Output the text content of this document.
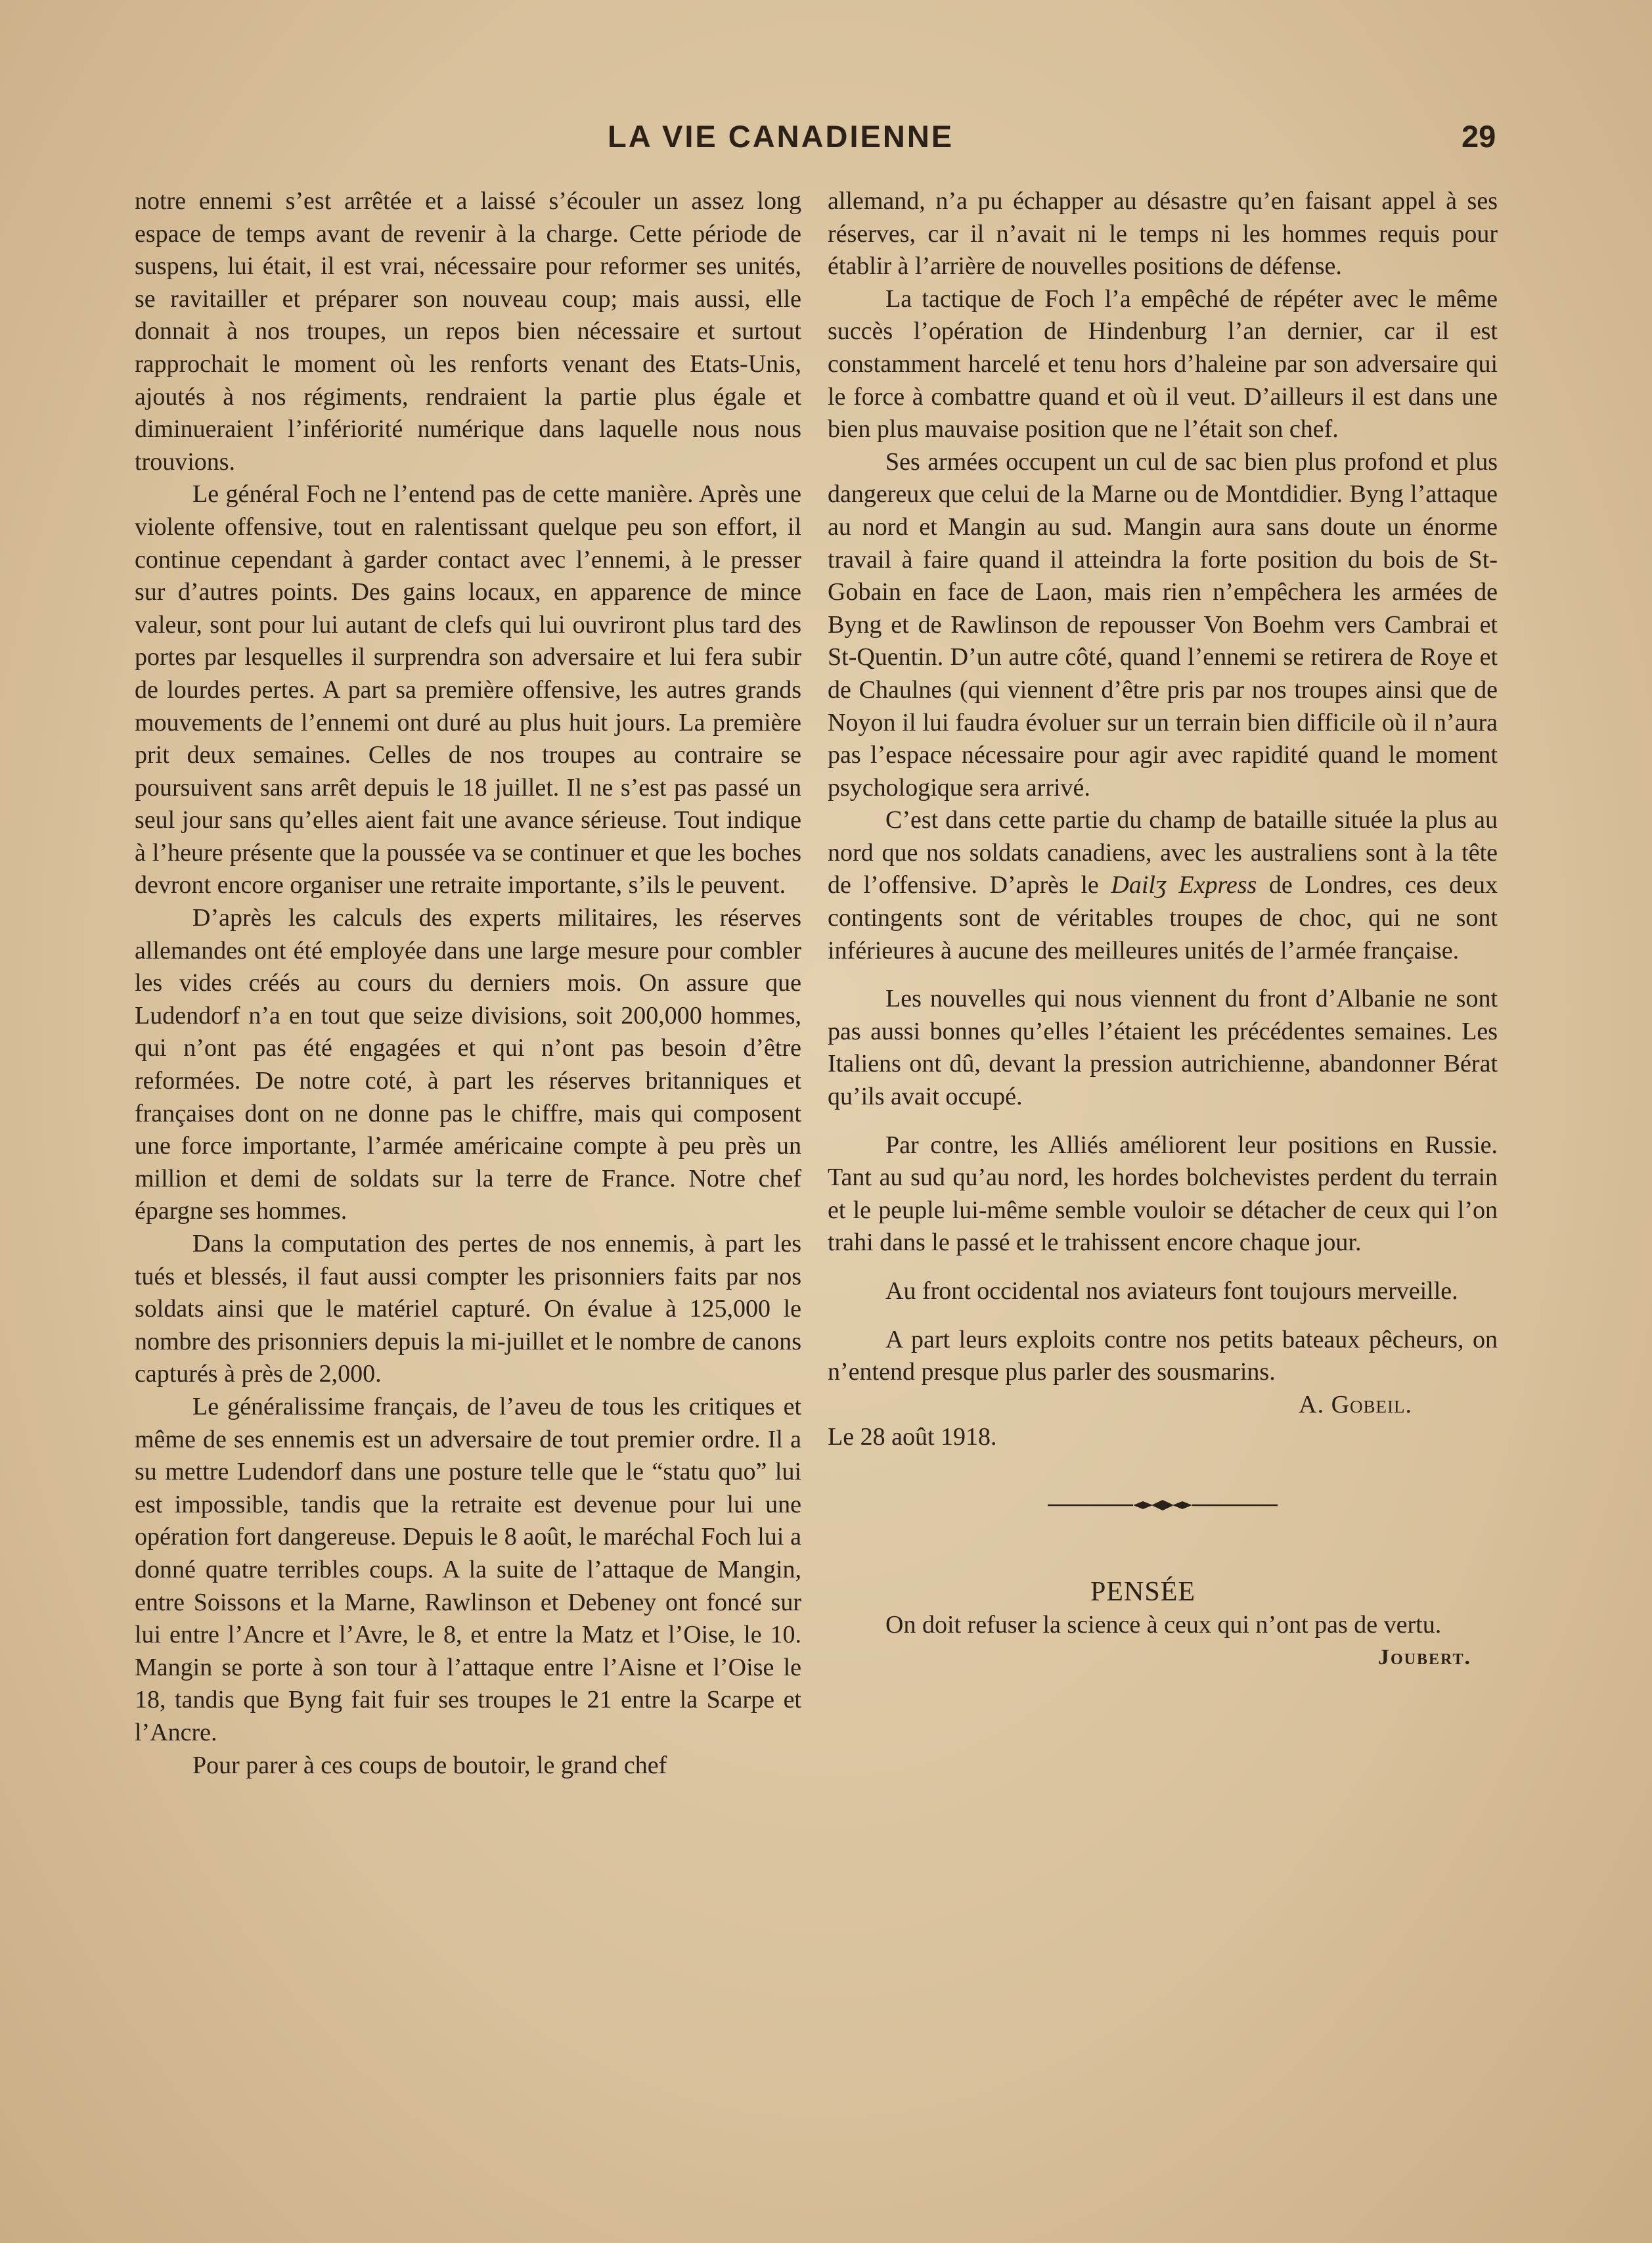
LA VIE CANADIENNE	29

notre ennemi s’est arrêtée et a laissé s’écouler un assez long espace de temps avant de revenir à la charge. Cette période de suspens, lui était, il est vrai, nécessaire pour reformer ses unités, se ravitailler et préparer son nouveau coup; mais aussi, elle donnait à nos troupes, un repos bien nécessaire et surtout rapprochait le moment où les renforts venant des Etats-Unis, ajoutés à nos régiments, rendraient la partie plus égale et diminueraient l’infériorité numérique dans laquelle nous nous trouvions.

Le général Foch ne l’entend pas de cette manière. Après une violente offensive, tout en ralentissant quelque peu son effort, il continue cependant à garder contact avec l’ennemi, à le presser sur d’autres points. Des gains locaux, en apparence de mince valeur, sont pour lui autant de clefs qui lui ouvriront plus tard des portes par lesquelles il surprendra son adversaire et lui fera subir de lourdes pertes. A part sa première offensive, les autres grands mouvements de l’ennemi ont duré au plus huit jours. La première prit deux semaines. Celles de nos troupes au contraire se poursuivent sans arrêt depuis le 18 juillet. Il ne s’est pas passé un seul jour sans qu’elles aient fait une avance sérieuse. Tout indique à l’heure présente que la poussée va se continuer et que les boches devront encore organiser une retraite importante, s’ils le peuvent.

D’après les calculs des experts militaires, les réserves allemandes ont été employée dans une large mesure pour combler les vides créés au cours du derniers mois. On assure que Ludendorf n’a en tout que seize divisions, soit 200,000 hommes, qui n’ont pas été engagées et qui n’ont pas besoin d’être reformées. De notre coté, à part les réserves britanniques et françaises dont on ne donne pas le chiffre, mais qui composent une force importante, l’armée américaine compte à peu près un million et demi de soldats sur la terre de France. Notre chef épargne ses hommes.

Dans la computation des pertes de nos ennemis, à part les tués et blessés, il faut aussi compter les prisonniers faits par nos soldats ainsi que le matériel capturé. On évalue à 125,000 le nombre des prisonniers depuis la mi-juillet et le nombre de canons capturés à près de 2,000.

Le généralissime français, de l’aveu de tous les critiques et même de ses ennemis est un adversaire de tout premier ordre. Il a su mettre Ludendorf dans une posture telle que le “statu quo” lui est impossible, tandis que la retraite est devenue pour lui une opération fort dangereuse. Depuis le 8 août, le maréchal Foch lui a donné quatre terribles coups. A la suite de l’attaque de Mangin, entre Soissons et la Marne, Rawlinson et Debeney ont foncé sur lui entre l’Ancre et l’Avre, le 8, et entre la Matz et l’Oise, le 10. Mangin se porte à son tour à l’attaque entre l’Aisne et l’Oise le 18, tandis que Byng fait fuir ses troupes le 21 entre la Scarpe et l’Ancre.

Pour parer à ces coups de boutoir, le grand chef

allemand, n’a pu échapper au désastre qu’en faisant appel à ses réserves, car il n’avait ni le temps ni les hommes requis pour établir à l’arrière de nouvelles positions de défense.

La tactique de Foch l’a empêché de répéter avec le même succès l’opération de Hindenburg l’an dernier, car il est constamment harcelé et tenu hors d’haleine par son adversaire qui le force à combattre quand et où il veut. D’ailleurs il est dans une bien plus mauvaise position que ne l’était son chef.

Ses armées occupent un cul de sac bien plus profond et plus dangereux que celui de la Marne ou de Montdidier. Byng l’attaque au nord et Mangin au sud. Mangin aura sans doute un énorme travail à faire quand il atteindra la forte position du bois de St-Gobain en face de Laon, mais rien n’empêchera les armées de Byng et de Rawlinson de repousser Von Boehm vers Cambrai et St-Quentin. D’un autre côté, quand l’ennemi se retirera de Roye et de Chaulnes (qui viennent d’être pris par nos troupes ainsi que de Noyon il lui faudra évoluer sur un terrain bien difficile où il n’aura pas l’espace nécessaire pour agir avec rapidité quand le moment psychologique sera arrivé.

C’est dans cette partie du champ de bataille située la plus au nord que nos soldats canadiens, avec les australiens sont à la tête de l’offensive. D’après le Dailʒ Express de Londres, ces deux contingents sont de véritables troupes de choc, qui ne sont inférieures à aucune des meilleures unités de l’armée française.

Les nouvelles qui nous viennent du front d’Albanie ne sont pas aussi bonnes qu’elles l’étaient les précédentes semaines. Les Italiens ont dû, devant la pression autrichienne, abandonner Bérat qu’ils avait occupé.

Par contre, les Alliés améliorent leur positions en Russie. Tant au sud qu’au nord, les hordes bolchevistes perdent du terrain et le peuple lui-même semble vouloir se détacher de ceux qui l’on trahi dans le passé et le trahissent encore chaque jour.

Au front occidental nos aviateurs font toujours merveille.

A part leurs exploits contre nos petits bateaux pêcheurs, on n’entend presque plus parler des sousmarins.

A. Gobeil.

Le 28 août 1918.

PENSÉE

On doit refuser la science à ceux qui n’ont pas de vertu.

Joubert.
